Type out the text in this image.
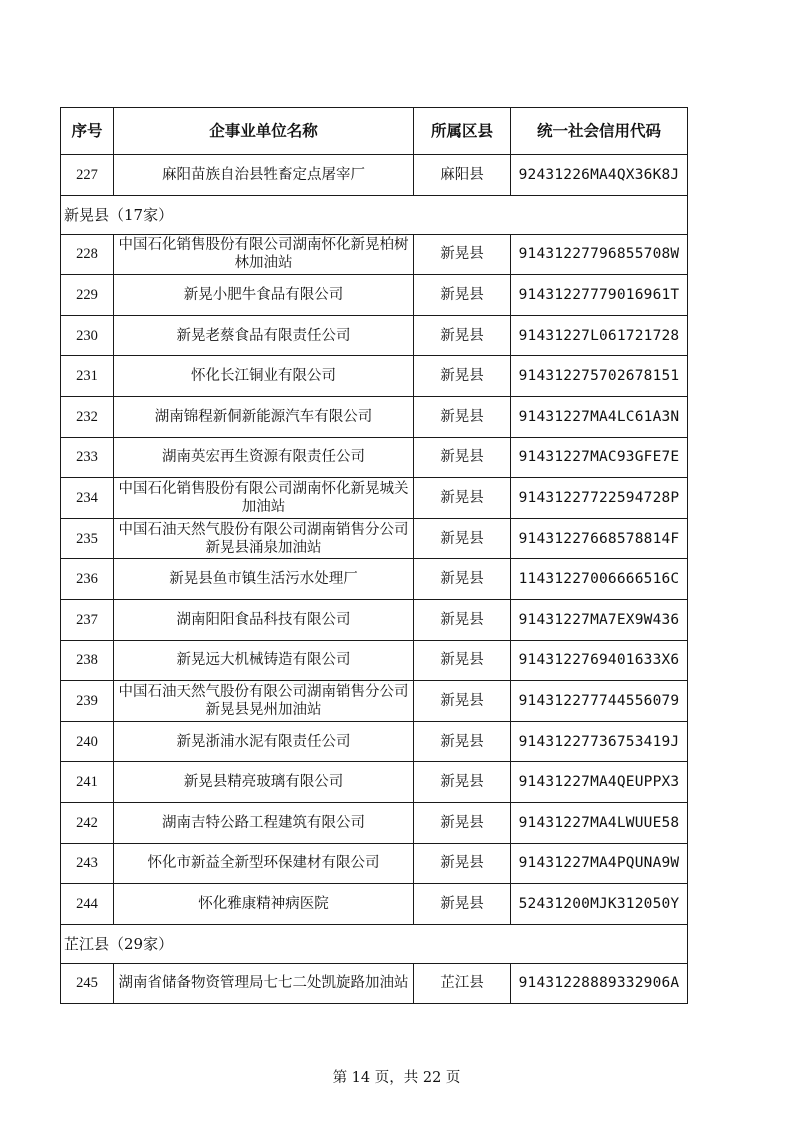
序号	企事业单位名称	所属区县	统一社会信用代码
227	麻阳苗族自治县牲畜定点屠宰厂	麻阳县	92431226MA4QX36K8J
新晃县（17家）			
228	中国石化销售股份有限公司湖南怀化新晃柏树林加油站	新晃县	91431227796855708W
229	新晃小肥牛食品有限公司	新晃县	91431227779016961T
230	新晃老蔡食品有限责任公司	新晃县	91431227L061721728
231	怀化长江铜业有限公司	新晃县	914312275702678151
232	湖南锦程新侗新能源汽车有限公司	新晃县	91431227MA4LC61A3N
233	湖南英宏再生资源有限责任公司	新晃县	91431227MAC93GFE7E
234	中国石化销售股份有限公司湖南怀化新晃城关加油站	新晃县	91431227722594728P
235	中国石油天然气股份有限公司湖南销售分公司新晃县涌泉加油站	新晃县	91431227668578814F
236	新晃县鱼市镇生活污水处理厂	新晃县	11431227006666516C
237	湖南阳阳食品科技有限公司	新晃县	91431227MA7EX9W436
238	新晃远大机械铸造有限公司	新晃县	9143122769401633X6
239	中国石油天然气股份有限公司湖南销售分公司新晃县晃州加油站	新晃县	914312277744556079
240	新晃浙浦水泥有限责任公司	新晃县	91431227736753419J
241	新晃县精亮玻璃有限公司	新晃县	91431227MA4QEUPPX3
242	湖南吉特公路工程建筑有限公司	新晃县	91431227MA4LWUUE58
243	怀化市新益全新型环保建材有限公司	新晃县	91431227MA4PQUNA9W
244	怀化雅康精神病医院	新晃县	52431200MJK312050Y
芷江县（29家）			
245	湖南省储备物资管理局七七二处凯旋路加油站	芷江县	91431228889332906A
第 14 页，共 22 页
